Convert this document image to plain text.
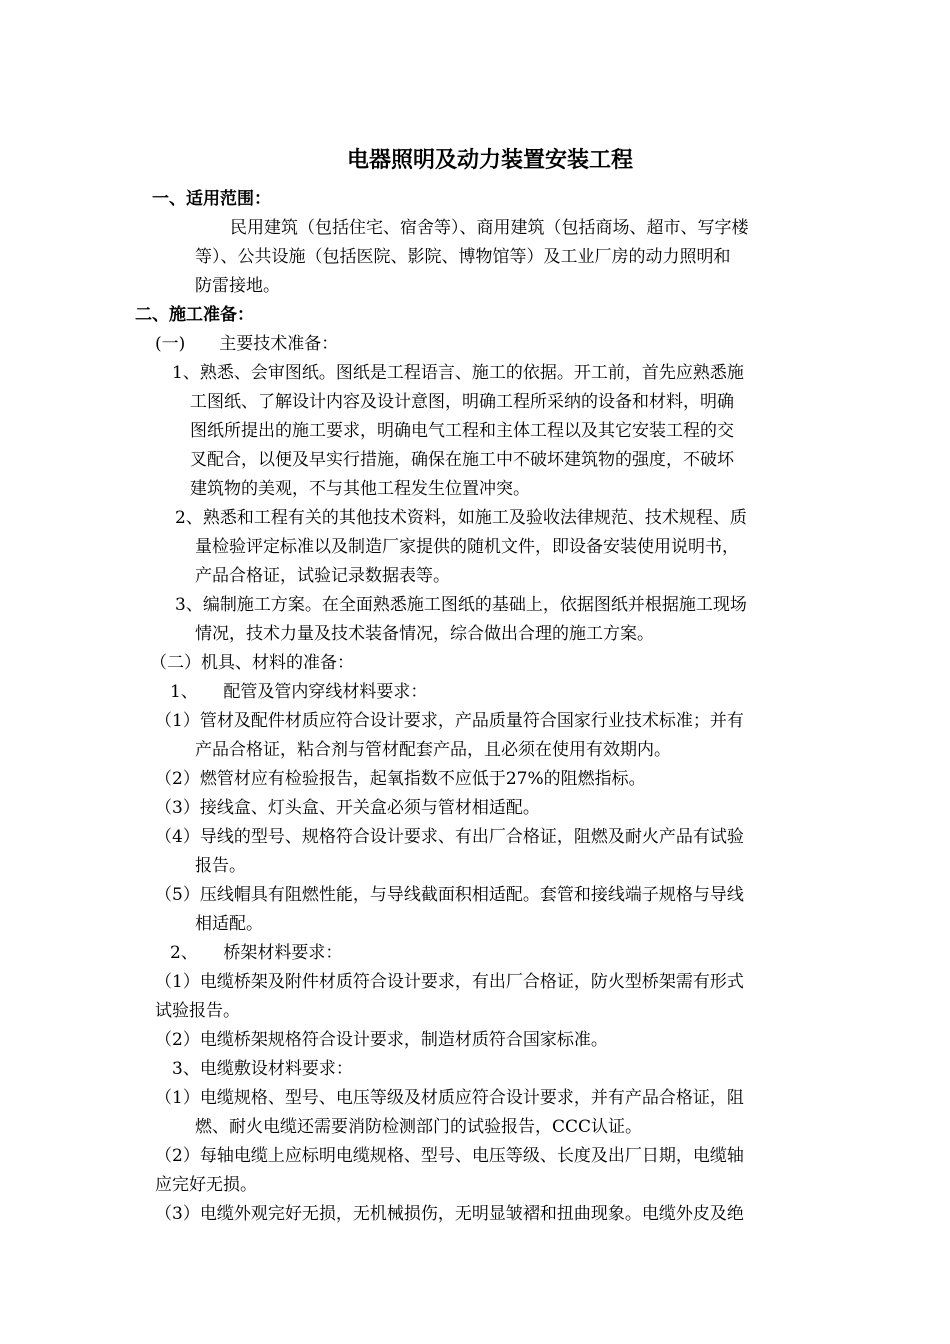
电器照明及动力装置安装工程
一、适用范围：
民用建筑（包括住宅、宿舍等）、商用建筑（包括商场、超市、写字楼
等）、公共设施（包括医院、影院、博物馆等）及工业厂房的动力照明和
防雷接地。
二、施工准备：
(一)　　主要技术准备：
1、熟悉、会审图纸。图纸是工程语言、施工的依据。开工前，首先应熟悉施
工图纸、了解设计内容及设计意图，明确工程所采纳的设备和材料，明确
图纸所提出的施工要求，明确电气工程和主体工程以及其它安装工程的交
叉配合，以便及早实行措施，确保在施工中不破坏建筑物的强度，不破坏
建筑物的美观，不与其他工程发生位置冲突。
2、熟悉和工程有关的其他技术资料，如施工及验收法律规范、技术规程、质
量检验评定标准以及制造厂家提供的随机文件，即设备安装使用说明书，
产品合格证，试验记录数据表等。
3、编制施工方案。在全面熟悉施工图纸的基础上，依据图纸并根据施工现场
情况，技术力量及技术装备情况，综合做出合理的施工方案。
（二）机具、材料的准备：
1、　　配管及管内穿线材料要求：
（1）管材及配件材质应符合设计要求，产品质量符合国家行业技术标准；并有
产品合格证，粘合剂与管材配套产品，且必须在使用有效期内。
（2）燃管材应有检验报告，起氧指数不应低于27%的阻燃指标。
（3）接线盒、灯头盒、开关盒必须与管材相适配。
（4）导线的型号、规格符合设计要求、有出厂合格证，阻燃及耐火产品有试验
报告。
（5）压线帽具有阻燃性能，与导线截面积相适配。套管和接线端子规格与导线
相适配。
2、　　桥架材料要求：
（1）电缆桥架及附件材质符合设计要求，有出厂合格证，防火型桥架需有形式
试验报告。
（2）电缆桥架规格符合设计要求，制造材质符合国家标准。
3、电缆敷设材料要求：
（1）电缆规格、型号、电压等级及材质应符合设计要求，并有产品合格证，阻
燃、耐火电缆还需要消防检测部门的试验报告，CCC认证。
（2）每轴电缆上应标明电缆规格、型号、电压等级、长度及出厂日期，电缆轴
应完好无损。
（3）电缆外观完好无损，无机械损伤，无明显皱褶和扭曲现象。电缆外皮及绝
